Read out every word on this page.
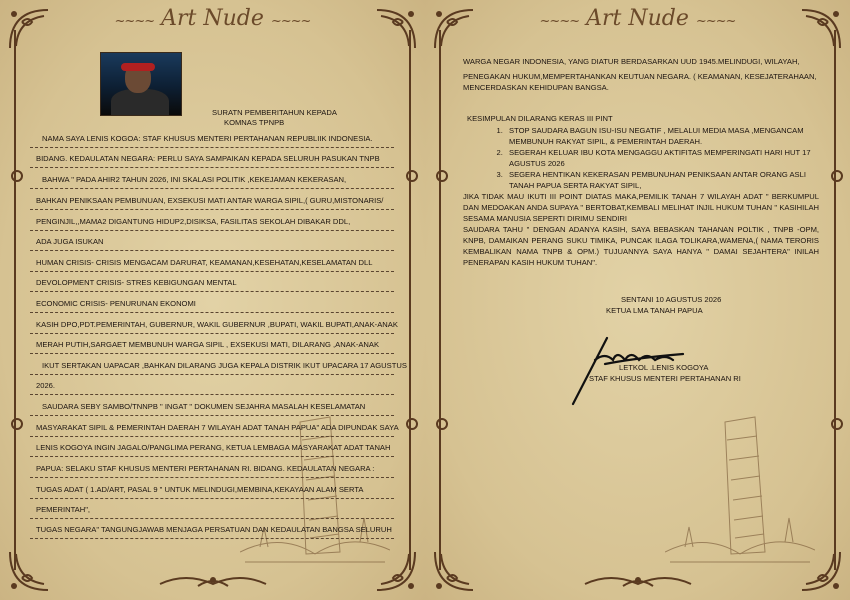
~~~~ Art Nude ~~~~
SURATN PEMBERITAHUN KEPADA
KOMNAS TPNPB
NAMA SAYA LENIS KOGOA: STAF KHUSUS MENTERI PERTAHANAN REPUBLIIK INDONESIA.
BIDANG. KEDAULATAN NEGARA: PERLU SAYA SAMPAIKAN KEPADA SELURUH PASUKAN TNPB
BAHWA " PADA AHIR2 TAHUN 2026, INI SKALASI POLITIK ,KEKEJAMAN KEKERASAN,
BAHKAN PENIKSAAN PEMBUNUAN, EXSEKUSI MATI ANTAR WARGA SIPIL,( GURU,MISTONARIS/
PENGINJIL,,MAMA2 DIGANTUNG HIDUP2,DISIKSA, FASILITAS SEKOLAH DIBAKAR DDL,
ADA JUGA ISUKAN
HUMAN CRISIS- CRISIS MENGACAM DARURAT, KEAMANAN,KESEHATAN,KESELAMATAN DLL
DEVOLOPMENT CRISIS- STRES KEBIGUNGAN MENTAL
ECONOMIC CRISIS- PENURUNAN EKONOMI
KASIH DPO,PDT.PEMERINTAH, GUBERNUR, WAKIL GUBERNUR ,BUPATI, WAKIL BUPATI,ANAK-ANAK
MERAH PUTIH,SARGAET MEMBUNUH WARGA SIPIL , EXSEKUSI MATI, DILARANG ,ANAK-ANAK
IKUT SERTAKAN UAPACAR ,BAHKAN DILARANG JUGA KEPALA DISTRIK IKUT UPACARA 17 AGUSTUS
2026.
SAUDARA SEBY SAMBO/TNNPB " INGAT " DOKUMEN SEJAHRA MASALAH KESELAMATAN
MASYARAKAT SIPIL & PEMERINTAH DAERAH 7 WILAYAH ADAT TANAH PAPUA" ADA DIPUNDAK SAYA
LENIS KOGOYA INGIN JAGALO/PANGLIMA PERANG, KETUA LEMBAGA MASYARAKAT ADAT TANAH
PAPUA: SELAKU STAF KHUSUS MENTERI PERTAHANAN RI. BIDANG. KEDAULATAN NEGARA :
TUGAS ADAT ( 1.AD/ART, PASAL 9 " UNTUK MELINDUGI,MEMBINA,KEKAYAAN ALAM SERTA
PEMERINTAH",
TUGAS NEGARA" TANGUNGJAWAB MENJAGA PERSATUAN DAN KEDAULATAN BANGSA SELURUH
~~~~ Art Nude ~~~~
WARGA NEGAR INDONESIA, YANG DIATUR BERDASARKAN UUD 1945.MELINDUGI, WILAYAH,
PENEGAKAN HUKUM,MEMPERTAHANKAN KEUTUAN NEGARA. ( KEAMANAN, KESEJATERAHAAN,
MENCERDASKAN KEHIDUPAN BANGSA.
KESIMPULAN DILARANG KERAS III PINT
1. STOP SAUDARA BAGUN ISU-ISU NEGATIF , MELALUI MEDIA MASA ,MENGANCAM MEMBUNUH RAKYAT SIPIL, & PEMERINTAH DAERAH.
2. SEGERAH KELUAR IBU KOTA MENGAGGU AKTIFITAS MEMPERINGATI HARI HUT 17 AGUSTUS 2026
3. SEGERA HENTIKAN KEKERASAN PEMBUNUHAN PENIKSAAN ANTAR ORANG ASLI TANAH PAPUA SERTA RAKYAT SIPIL,
JIKA TIDAK MAU IKUTI III POINT DIATAS MAKA,PEMILIK TANAH 7 WILAYAH ADAT " BERKUMPUL DAN MEDOAKAN ANDA SUPAYA " BERTOBAT,KEMBALI MELIHAT INJIL HUKUM TUHAN " KASIHILAH SESAMA MANUSIA SEPERTI DIRIMU SENDIRI
SAUDARA TAHU " DENGAN ADANYA KASIH, SAYA BEBASKAN TAHANAN POLTIK , TNPB -OPM, KNPB, DAMAIKAN PERANG SUKU TIMIKA, PUNCAK ILAGA TOLIKARA,WAMENA,( NAMA TERORIS KEMBALIKAN NAMA TNPB & OPM.) TUJUANNYA SAYA HANYA " DAMAI SEJAHTERA" INILAH PENERAPAN KASIH HUKUM TUHAN".
SENTANI 10 AGUSTUS 2026
KETUA LMA TANAH PAPUA
LETKOL .LENIS KOGOYA
STAF KHUSUS MENTERI PERTAHANAN RI
